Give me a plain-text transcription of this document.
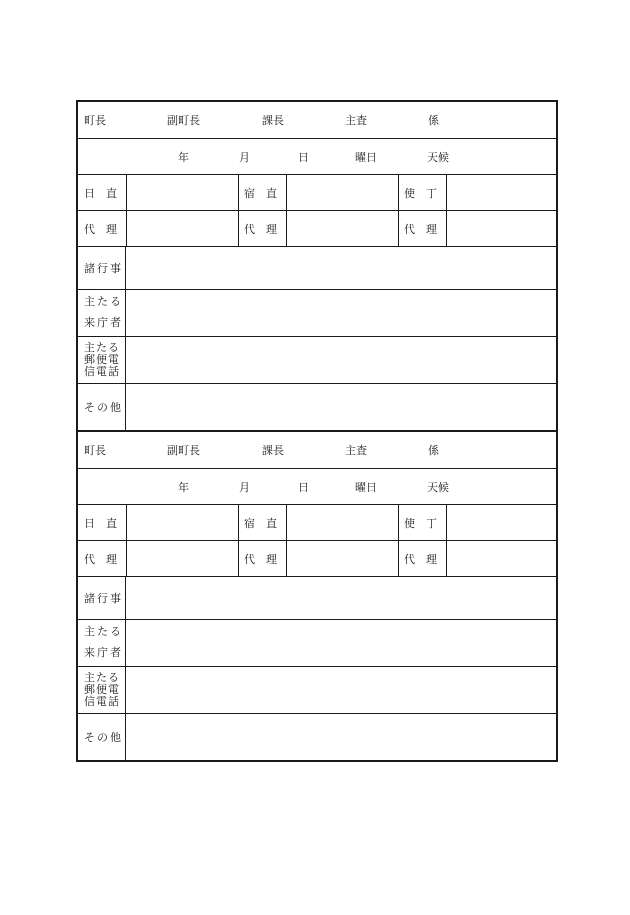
町長	副町長	課長	主査	係
年	月	日	曜日	天候
日　直	宿　直	使　丁
代　理	代　理	代　理
諸行事
主たる
来庁者
主たる
郵便電
信電話
その他
町長	副町長	課長	主査	係
年	月	日	曜日	天候
日　直	宿　直	使　丁
代　理	代　理	代　理
諸行事
主たる
来庁者
主たる
郵便電
信電話
その他
